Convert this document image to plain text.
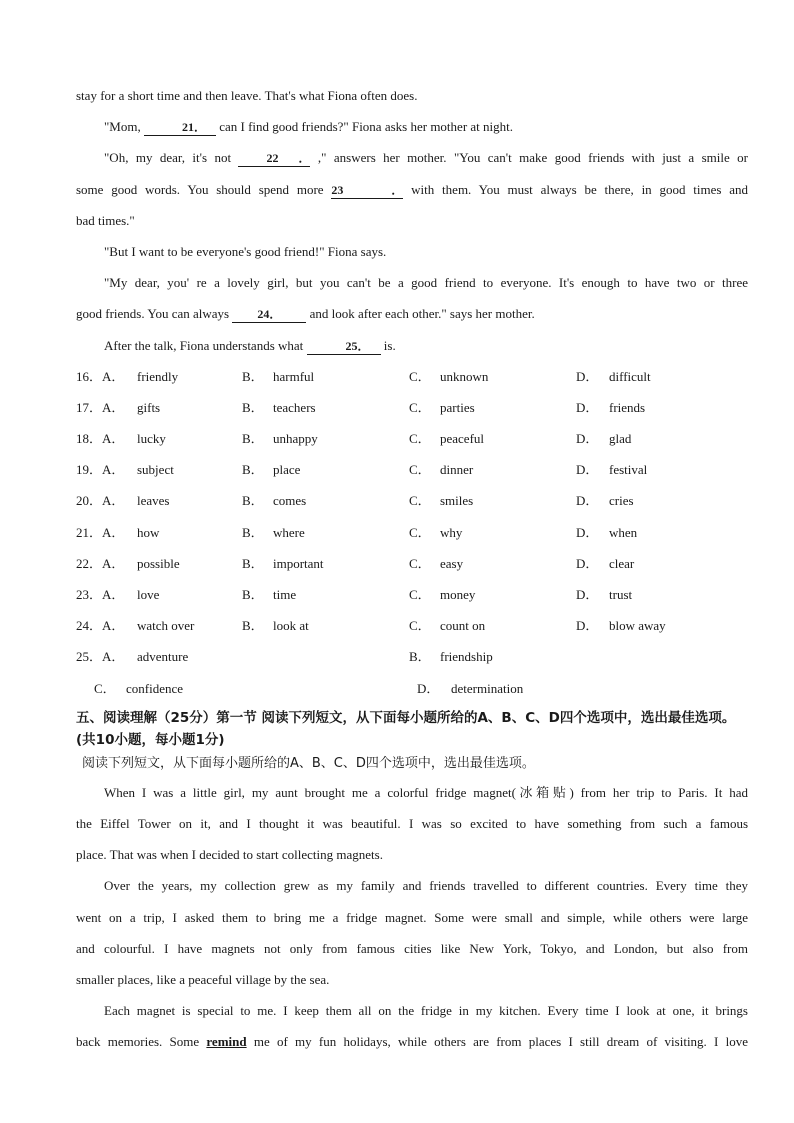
stay for a short time and then leave. That's what Fiona often does.
"Mom,	21． can I find good friends?" Fiona asks her mother at night.
"Oh, my dear, it's not 22． ," answers her mother. "You can't make good friends with just a smile or
some good words. You should spend more 23． with them. You must always be there, in good times and
bad times."
"But I want to be everyone's good friend!" Fiona says.
"My dear, you' re a lovely girl, but you can't be a good friend to everyone. It's enough to have two or three
good friends. You can always 24． and look after each other." says her mother.
After the talk, Fiona understands what	25． is.
16．A． friendly	B． harmful	C． unknown	D． difficult
17．A． gifts	B． teachers	C． parties	D． friends
18．A． lucky	B． unhappy	C． peaceful	D． glad
19．A． subject	B． place	C． dinner	D． festival
20．A． leaves	B． comes	C． smiles	D． cries
21．A． how	B． where	C． why	D． when
22．A． possible	B． important	C． easy	D． clear
23．A． love	B． time	C． money	D． trust
24．A． watch over	B． look at	C． count on	D． blow away
25．A． adventure	B． friendship
C． confidence	D． determination
五、阅读理解（25分）第一节 阅读下列短文，从下面每小题所给的A、B、C、D四个选项中，选出最佳选项。(共10小题，每小题1分)
阅读下列短文，从下面每小题所给的A、B、C、D四个选项中，选出最佳选项。
When I was a little girl, my aunt brought me a colorful fridge magnet(冰箱贴) from her trip to Paris. It had
the Eiffel Tower on it, and I thought it was beautiful. I was so excited to have something from such a famous
place. That was when I decided to start collecting magnets.
Over the years, my collection grew as my family and friends travelled to different countries. Every time they
went on a trip, I asked them to bring me a fridge magnet. Some were small and simple, while others were large
and colourful. I have magnets not only from famous cities like New York, Tokyo, and London, but also from
smaller places, like a peaceful village by the sea.
Each magnet is special to me. I keep them all on the fridge in my kitchen. Every time I look at one, it brings
back memories. Some remind me of my fun holidays, while others are from places I still dream of visiting. I love
